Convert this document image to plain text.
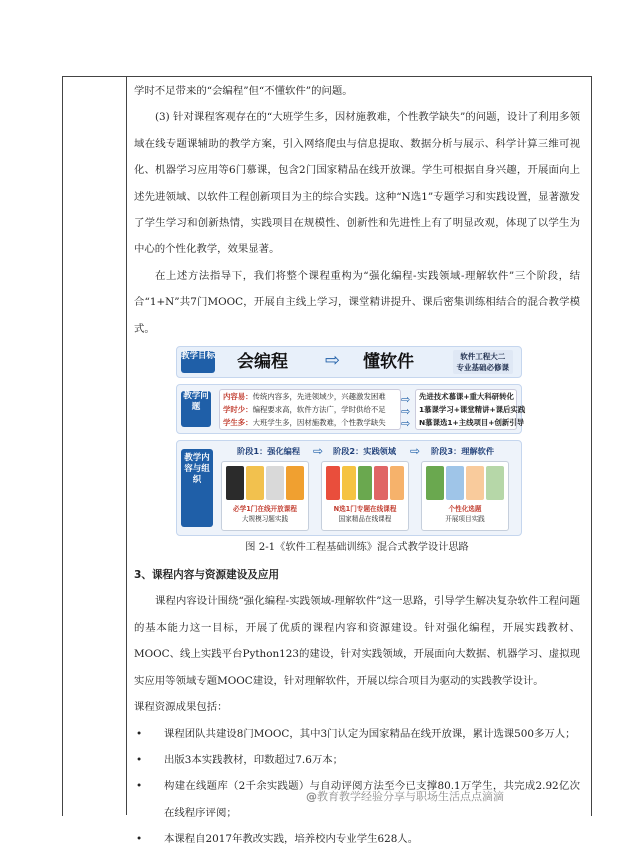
学时不足带来的“会编程”但“不懂软件”的问题。

(3) 针对课程客观存在的“大班学生多，因材施教难，个性教学缺失”的问题，设计了利用多领域在线专题课辅助的教学方案，引入网络爬虫与信息提取、数据分析与展示、科学计算三维可视化、机器学习应用等6门慕课，包含2门国家精品在线开放课。学生可根据自身兴趣，开展面向上述先进领域、以软件工程创新项目为主的综合实践。这种“N选1”专题学习和实践设置，显著激发了学生学习和创新热情，实践项目在规模性、创新性和先进性上有了明显改观，体现了以学生为中心的个性化教学，效果显著。

在上述方法指导下，我们将整个课程重构为“强化编程-实践领域-理解软件”三个阶段，结合“1+N”共7门MOOC，开展自主线上学习，课堂精讲提升、课后密集训练相结合的混合教学模式。

教学目标 会编程 ⇨ 懂软件	软件工程大二
专业基础必修课
教学问题
内容易：传统内容多，先进领域少，兴趣激发困难
学时少：编程要求高，软件方法广，学时供给不足
学生多：大班学生多，因材施教难，个性教学缺失
⇨
⇨
⇨
先进技术慕课+重大科研转化
1慕课学习+课堂精讲+课后实践
N慕课选1+主线项目+创新引导
教学内容与组织
阶段1：强化编程 ⇨ 阶段2：实践领域 ⇨ 阶段3：理解软件
必学1门在线开放课程
大规模习题实践
N选1门专题在线课程
国家精品在线课程
个性化选题
开展项目实践
图 2-1《软件工程基础训练》混合式教学设计思路

3、课程内容与资源建设及应用

课程内容设计围绕“强化编程-实践领域-理解软件”这一思路，引导学生解决复杂软件工程问题的基本能力这一目标，开展了优质的课程内容和资源建设。针对强化编程，开展实践教材、MOOC、线上实践平台Python123的建设，针对实践领域，开展面向大数据、机器学习、虚拟现实应用等领域专题MOOC建设，针对理解软件，开展以综合项目为驱动的实践教学设计。

课程资源成果包括：

• 课程团队共建设8门MOOC，其中3门认定为国家精品在线开放课，累计选课500多万人；
• 出版3本实践教材，印数超过7.6万本；
• 构建在线题库（2千余实践题）与自动评阅方法至今已支撑80.1万学生，共完成2.92亿次在线程序评阅；
• 本课程自2017年教改实践，培养校内专业学生628人。
@教育教学经验分享与职场生活点点滴滴
